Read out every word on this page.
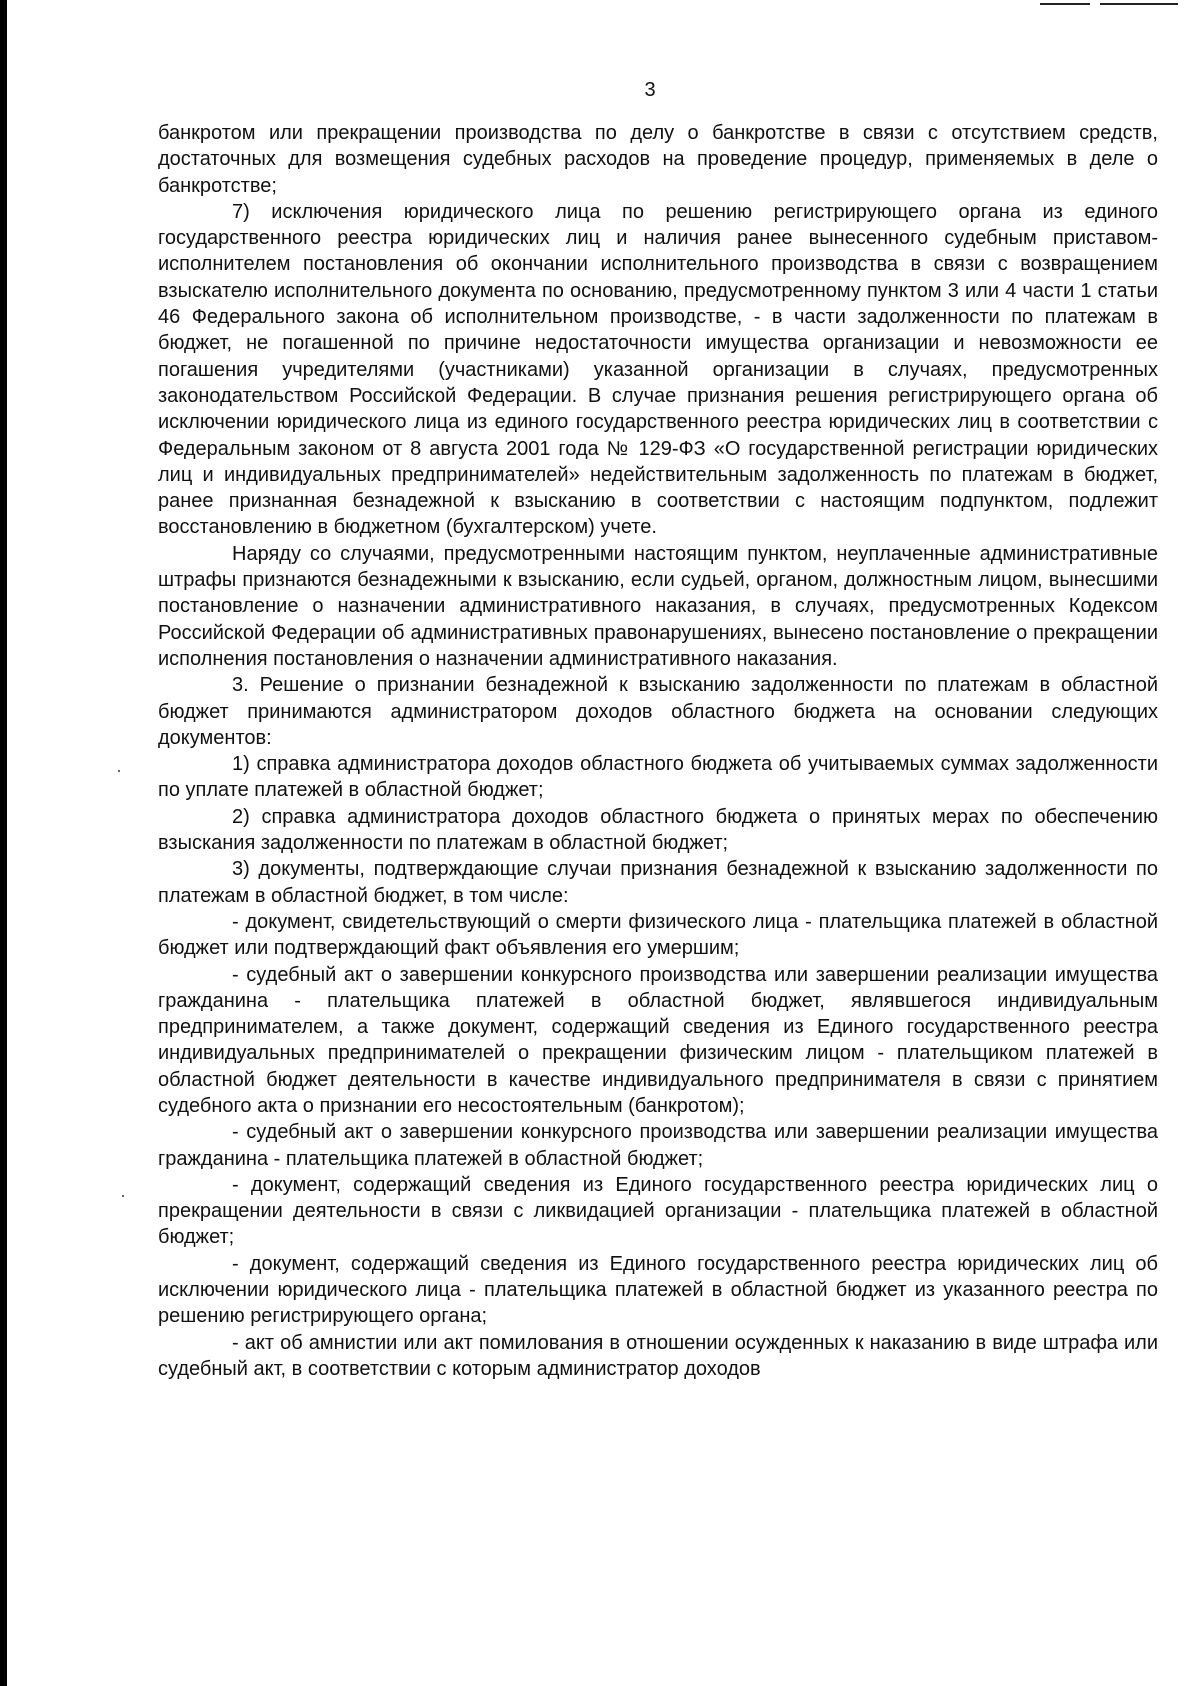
3

банкротом или прекращении производства по делу о банкротстве в связи с отсутствием средств, достаточных для возмещения судебных расходов на проведение процедур, применяемых в деле о банкротстве;

7) исключения юридического лица по решению регистрирующего органа из единого государственного реестра юридических лиц и наличия ранее вынесенного судебным приставом-исполнителем постановления об окончании исполнительного производства в связи с возвращением взыскателю исполнительного документа по основанию, предусмотренному пунктом 3 или 4 части 1 статьи 46 Федерального закона об исполнительном производстве, - в части задолженности по платежам в бюджет, не погашенной по причине недостаточности имущества организации и невозможности ее погашения учредителями (участниками) указанной организации в случаях, предусмотренных законодательством Российской Федерации. В случае признания решения регистрирующего органа об исключении юридического лица из единого государственного реестра юридических лиц в соответствии с Федеральным законом от 8 августа 2001 года № 129-ФЗ «О государственной регистрации юридических лиц и индивидуальных предпринимателей» недействительным задолженность по платежам в бюджет, ранее признанная безнадежной к взысканию в соответствии с настоящим подпунктом, подлежит восстановлению в бюджетном (бухгалтерском) учете.

Наряду со случаями, предусмотренными настоящим пунктом, неуплаченные административные штрафы признаются безнадежными к взысканию, если судьей, органом, должностным лицом, вынесшими постановление о назначении административного наказания, в случаях, предусмотренных Кодексом Российской Федерации об административных правонарушениях, вынесено постановление о прекращении исполнения постановления о назначении административного наказания.

3. Решение о признании безнадежной к взысканию задолженности по платежам в областной бюджет принимаются администратором доходов областного бюджета на основании следующих документов:

1) справка администратора доходов областного бюджета об учитываемых суммах задолженности по уплате платежей в областной бюджет;

2) справка администратора доходов областного бюджета о принятых мерах по обеспечению взыскания задолженности по платежам в областной бюджет;

3) документы, подтверждающие случаи признания безнадежной к взысканию задолженности по платежам в областной бюджет, в том числе:

- документ, свидетельствующий о смерти физического лица - плательщика платежей в областной бюджет или подтверждающий факт объявления его умершим;

- судебный акт о завершении конкурсного производства или завершении реализации имущества гражданина - плательщика платежей в областной бюджет, являвшегося индивидуальным предпринимателем, а также документ, содержащий сведения из Единого государственного реестра индивидуальных предпринимателей о прекращении физическим лицом - плательщиком платежей в областной бюджет деятельности в качестве индивидуального предпринимателя в связи с принятием судебного акта о признании его несостоятельным (банкротом);

- судебный акт о завершении конкурсного производства или завершении реализации имущества гражданина - плательщика платежей в областной бюджет;

- документ, содержащий сведения из Единого государственного реестра юридических лиц о прекращении деятельности в связи с ликвидацией организации - плательщика платежей в областной бюджет;

- документ, содержащий сведения из Единого государственного реестра юридических лиц об исключении юридического лица - плательщика платежей в областной бюджет из указанного реестра по решению регистрирующего органа;

- акт об амнистии или акт помилования в отношении осужденных к наказанию в виде штрафа или судебный акт, в соответствии с которым администратор доходов
